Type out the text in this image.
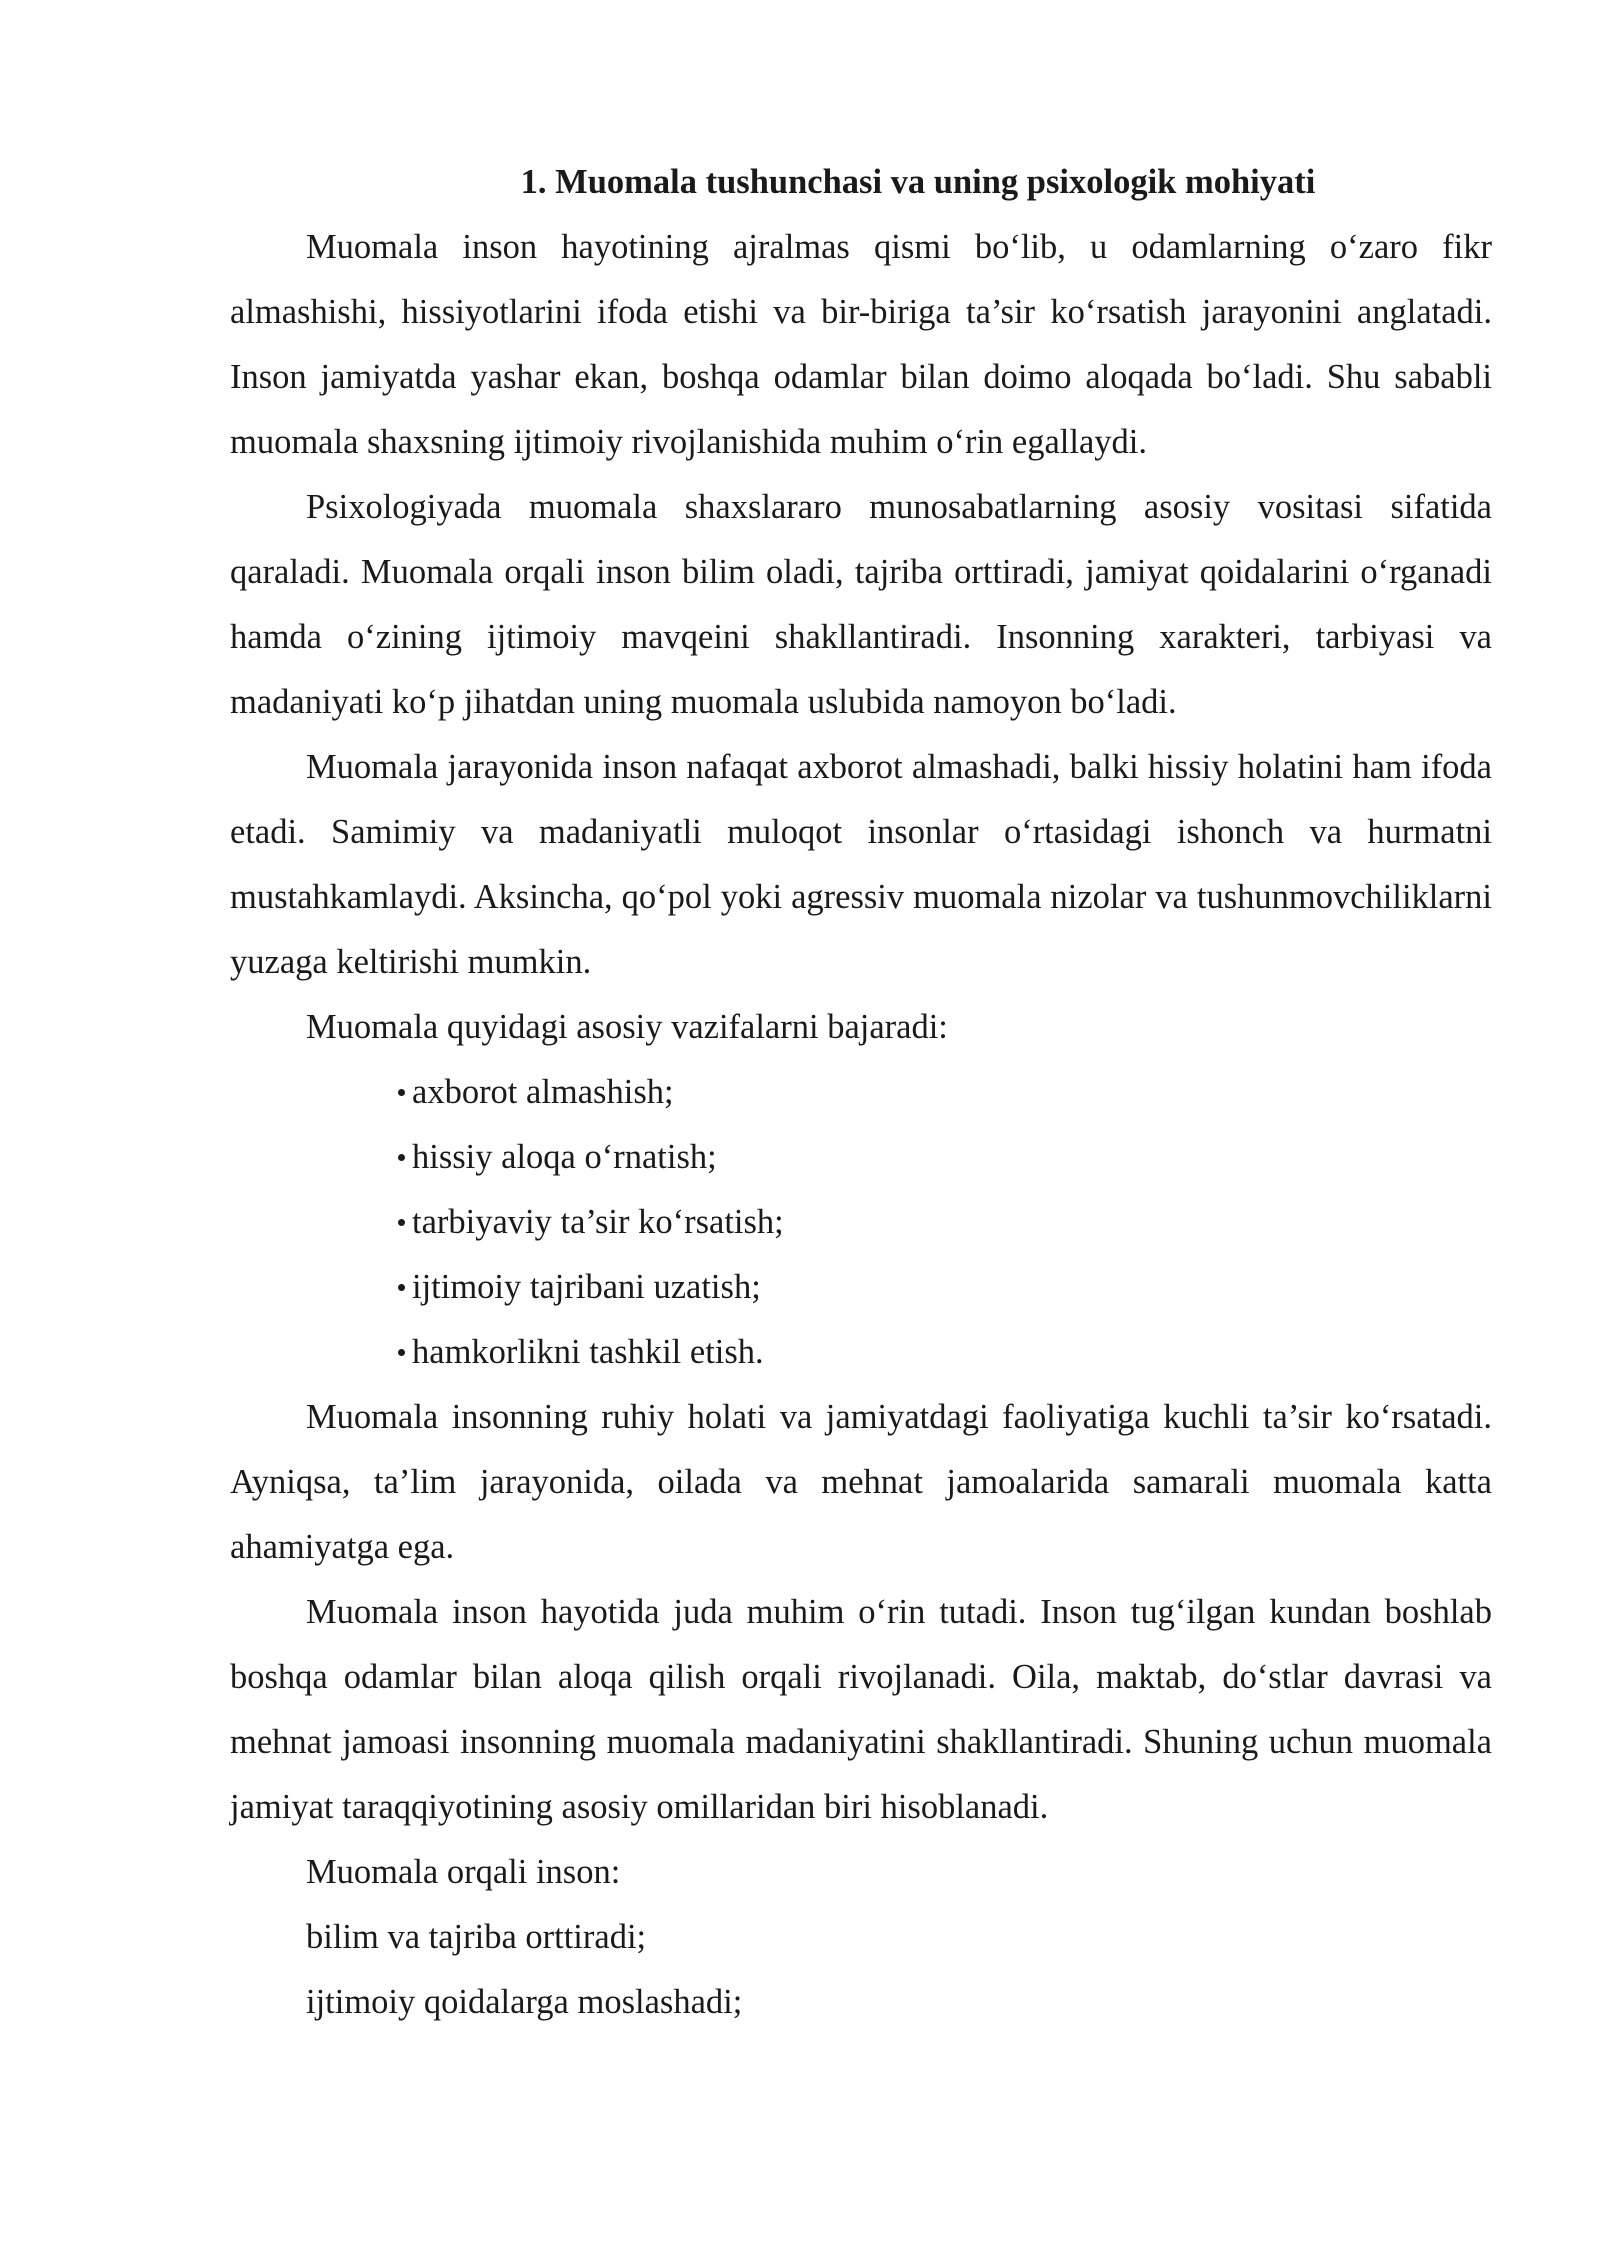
1. Muomala tushunchasi va uning psixologik mohiyati

Muomala inson hayotining ajralmas qismi bo‘lib, u odamlarning o‘zaro fikr almashishi, hissiyotlarini ifoda etishi va bir-biriga ta’sir ko‘rsatish jarayonini anglatadi. Inson jamiyatda yashar ekan, boshqa odamlar bilan doimo aloqada bo‘ladi. Shu sababli muomala shaxsning ijtimoiy rivojlanishida muhim o‘rin egallaydi.

Psixologiyada muomala shaxslararo munosabatlarning asosiy vositasi sifatida qaraladi. Muomala orqali inson bilim oladi, tajriba orttiradi, jamiyat qoidalarini o‘rganadi hamda o‘zining ijtimoiy mavqeini shakllantiradi. Insonning xarakteri, tarbiyasi va madaniyati ko‘p jihatdan uning muomala uslubida namoyon bo‘ladi.

Muomala jarayonida inson nafaqat axborot almashadi, balki hissiy holatini ham ifoda etadi. Samimiy va madaniyatli muloqot insonlar o‘rtasidagi ishonch va hurmatni mustahkamlaydi. Aksincha, qo‘pol yoki agressiv muomala nizolar va tushunmovchiliklarni yuzaga keltirishi mumkin.

Muomala quyidagi asosiy vazifalarni bajaradi:

axborot almashish;
hissiy aloqa o‘rnatish;
tarbiyaviy ta’sir ko‘rsatish;
ijtimoiy tajribani uzatish;
hamkorlikni tashkil etish.

Muomala insonning ruhiy holati va jamiyatdagi faoliyatiga kuchli ta’sir ko‘rsatadi. Ayniqsa, ta’lim jarayonida, oilada va mehnat jamoalarida samarali muomala katta ahamiyatga ega.

Muomala inson hayotida juda muhim o‘rin tutadi. Inson tug‘ilgan kundan boshlab boshqa odamlar bilan aloqa qilish orqali rivojlanadi. Oila, maktab, do‘stlar davrasi va mehnat jamoasi insonning muomala madaniyatini shakllantiradi. Shuning uchun muomala jamiyat taraqqiyotining asosiy omillaridan biri hisoblanadi.

Muomala orqali inson:

bilim va tajriba orttiradi;

ijtimoiy qoidalarga moslashadi;
